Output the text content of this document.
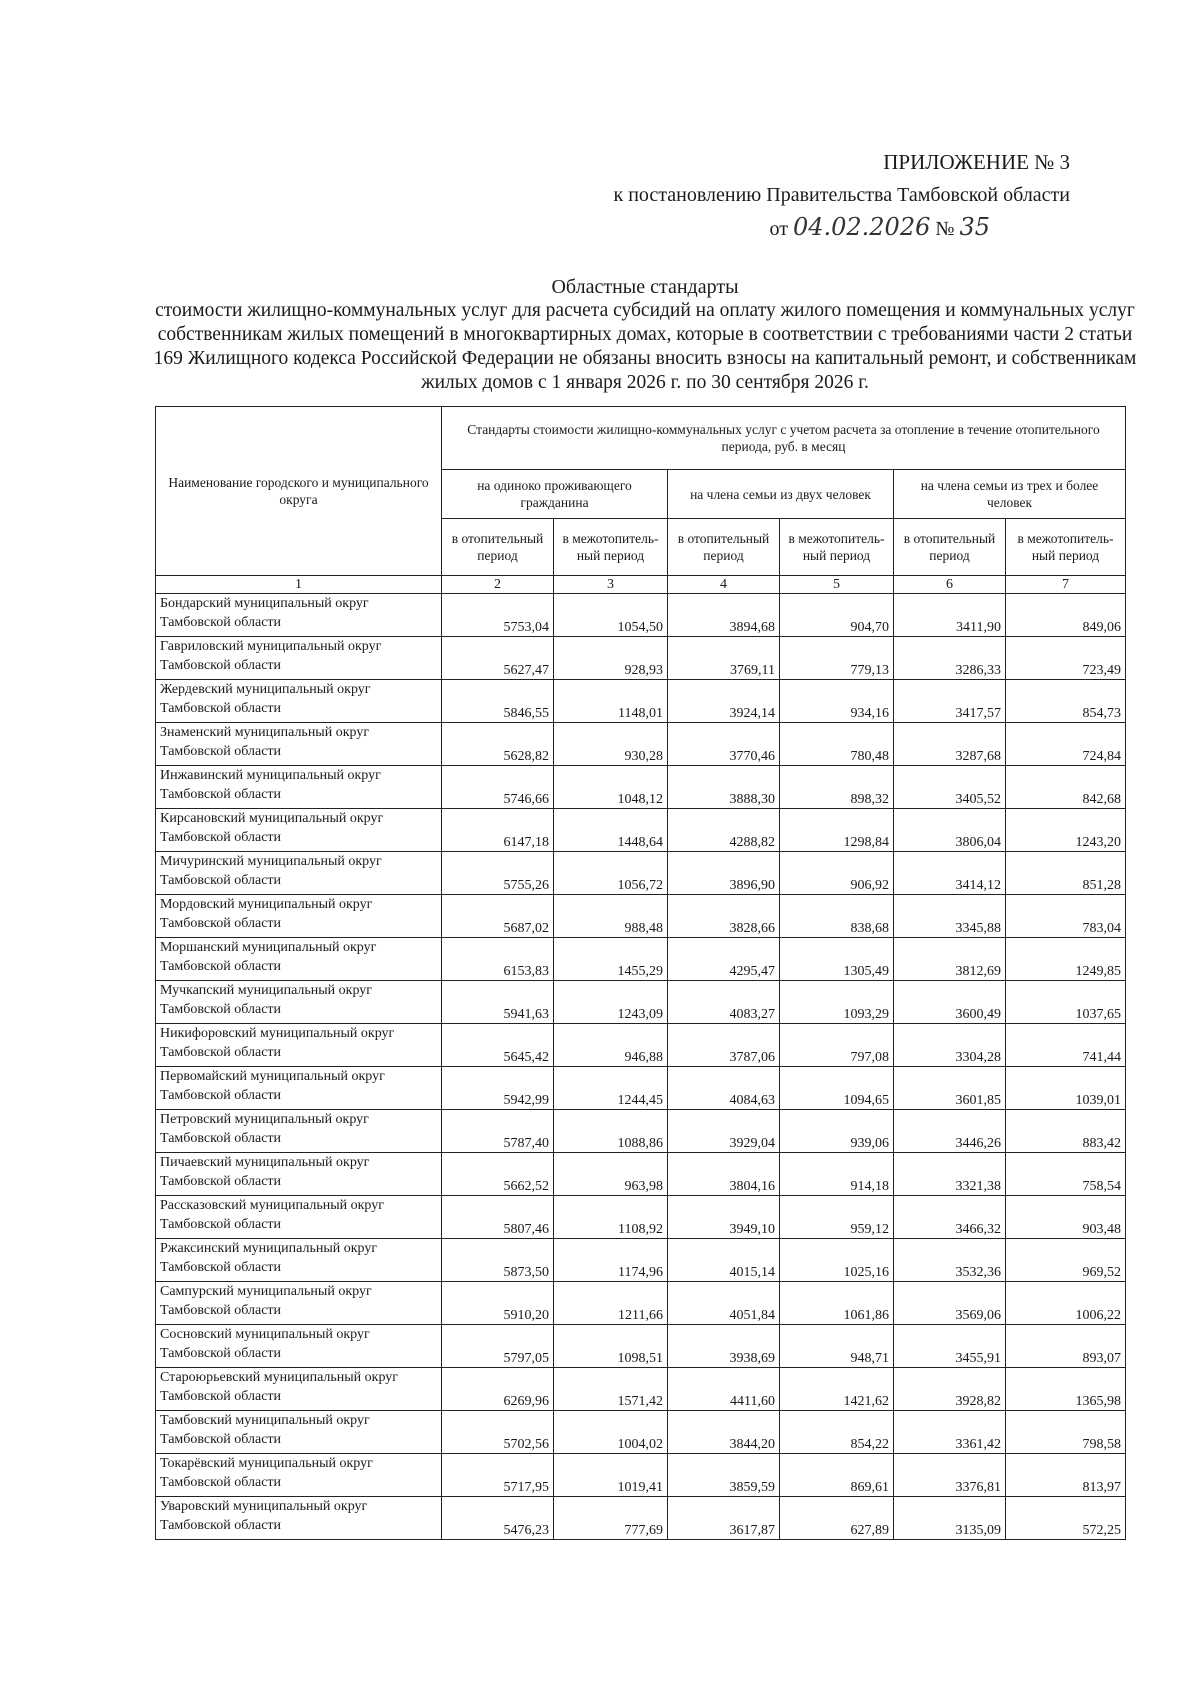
ПРИЛОЖЕНИЕ № 3
к постановлению Правительства Тамбовской области
от 04.02.2026 № 35
Областные стандарты
стоимости жилищно-коммунальных услуг для расчета субсидий на оплату жилого помещения и коммунальных услуг собственникам жилых помещений в многоквартирных домах, которые в соответствии с требованиями части 2 статьи 169 Жилищного кодекса Российской Федерации не обязаны вносить взносы на капитальный ремонт, и собственникам жилых домов с 1 января 2026 г. по 30 сентября 2026 г.
Наименование городского и муниципального округа	Стандарты стоимости жилищно-коммунальных услуг с учетом расчета за отопление в течение отопительного периода, руб. в месяц					
	на одиноко проживающего гражданина		на члена семьи из двух человек		на члена семьи из трех и более человек	
	в отопительный период	в межотопитель-ный период	в отопительный период	в межотопитель-ный период	в отопительный период	в межотопитель-ный период
1	2	3	4	5	6	7

Бондарский муниципальный округ
Тамбовской области	5753,04	1054,50	3894,68	904,70	3411,90	849,06

Гавриловский муниципальный округ
Тамбовской области	5627,47	928,93	3769,11	779,13	3286,33	723,49

Жердевский муниципальный округ
Тамбовской области	5846,55	1148,01	3924,14	934,16	3417,57	854,73

Знаменский муниципальный округ
Тамбовской области	5628,82	930,28	3770,46	780,48	3287,68	724,84

Инжавинский муниципальный округ
Тамбовской области	5746,66	1048,12	3888,30	898,32	3405,52	842,68

Кирсановский муниципальный округ
Тамбовской области	6147,18	1448,64	4288,82	1298,84	3806,04	1243,20

Мичуринский муниципальный округ
Тамбовской области	5755,26	1056,72	3896,90	906,92	3414,12	851,28

Мордовский муниципальный округ
Тамбовской области	5687,02	988,48	3828,66	838,68	3345,88	783,04

Моршанский муниципальный округ
Тамбовской области	6153,83	1455,29	4295,47	1305,49	3812,69	1249,85

Мучкапский муниципальный округ
Тамбовской области	5941,63	1243,09	4083,27	1093,29	3600,49	1037,65

Никифоровский муниципальный округ
Тамбовской области	5645,42	946,88	3787,06	797,08	3304,28	741,44

Первомайский муниципальный округ
Тамбовской области	5942,99	1244,45	4084,63	1094,65	3601,85	1039,01

Петровский муниципальный округ
Тамбовской области	5787,40	1088,86	3929,04	939,06	3446,26	883,42

Пичаевский муниципальный округ
Тамбовской области	5662,52	963,98	3804,16	914,18	3321,38	758,54

Рассказовский муниципальный округ
Тамбовской области	5807,46	1108,92	3949,10	959,12	3466,32	903,48

Ржаксинский муниципальный округ
Тамбовской области	5873,50	1174,96	4015,14	1025,16	3532,36	969,52

Сампурский муниципальный округ
Тамбовской области	5910,20	1211,66	4051,84	1061,86	3569,06	1006,22

Сосновский муниципальный округ
Тамбовской области	5797,05	1098,51	3938,69	948,71	3455,91	893,07

Староюрьевский муниципальный округ
Тамбовской области	6269,96	1571,42	4411,60	1421,62	3928,82	1365,98

Тамбовский муниципальный округ
Тамбовской области	5702,56	1004,02	3844,20	854,22	3361,42	798,58

Токарёвский муниципальный округ
Тамбовской области	5717,95	1019,41	3859,59	869,61	3376,81	813,97

Уваровский муниципальный округ
Тамбовской области	5476,23	777,69	3617,87	627,89	3135,09	572,25
